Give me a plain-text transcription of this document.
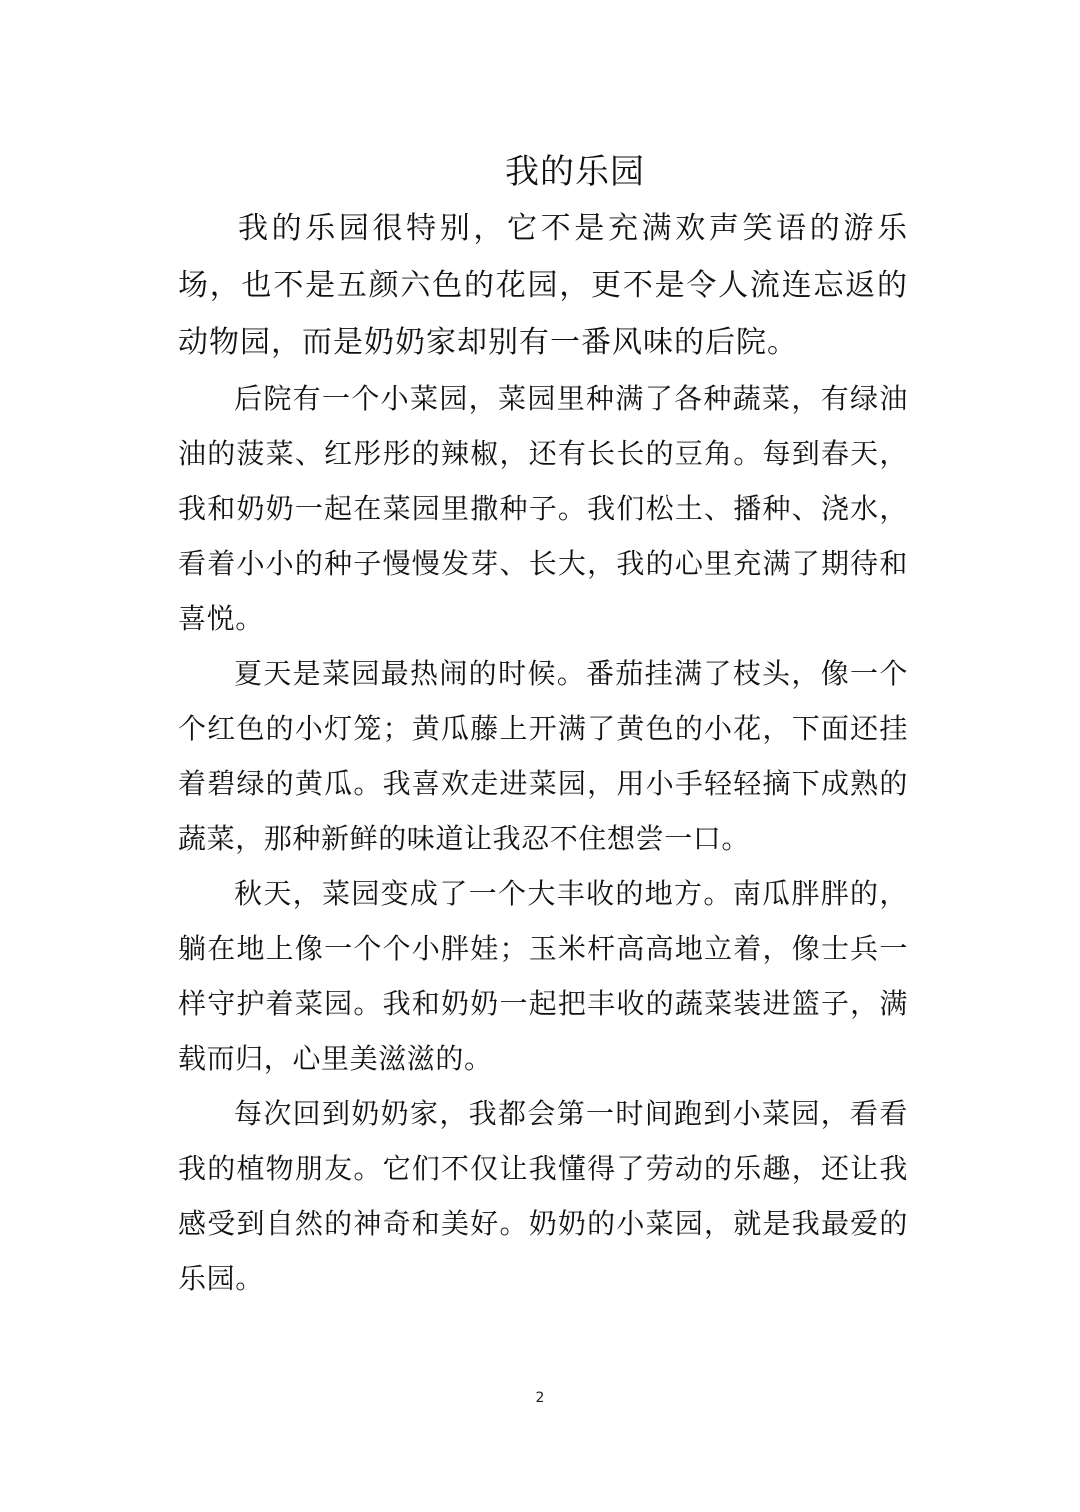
我的乐园

我的乐园很特别，它不是充满欢声笑语的游乐场，也不是五颜六色的花园，更不是令人流连忘返的动物园，而是奶奶家却别有一番风味的后院。

后院有一个小菜园，菜园里种满了各种蔬菜，有绿油油的菠菜、红彤彤的辣椒，还有长长的豆角。每到春天，我和奶奶一起在菜园里撒种子。我们松土、播种、浇水，看着小小的种子慢慢发芽、长大，我的心里充满了期待和喜悦。

夏天是菜园最热闹的时候。番茄挂满了枝头，像一个个红色的小灯笼；黄瓜藤上开满了黄色的小花，下面还挂着碧绿的黄瓜。我喜欢走进菜园，用小手轻轻摘下成熟的蔬菜，那种新鲜的味道让我忍不住想尝一口。

秋天，菜园变成了一个大丰收的地方。南瓜胖胖的，躺在地上像一个个小胖娃；玉米杆高高地立着，像士兵一样守护着菜园。我和奶奶一起把丰收的蔬菜装进篮子，满载而归，心里美滋滋的。

每次回到奶奶家，我都会第一时间跑到小菜园，看看我的植物朋友。它们不仅让我懂得了劳动的乐趣，还让我感受到自然的神奇和美好。奶奶的小菜园，就是我最爱的乐园。

2
